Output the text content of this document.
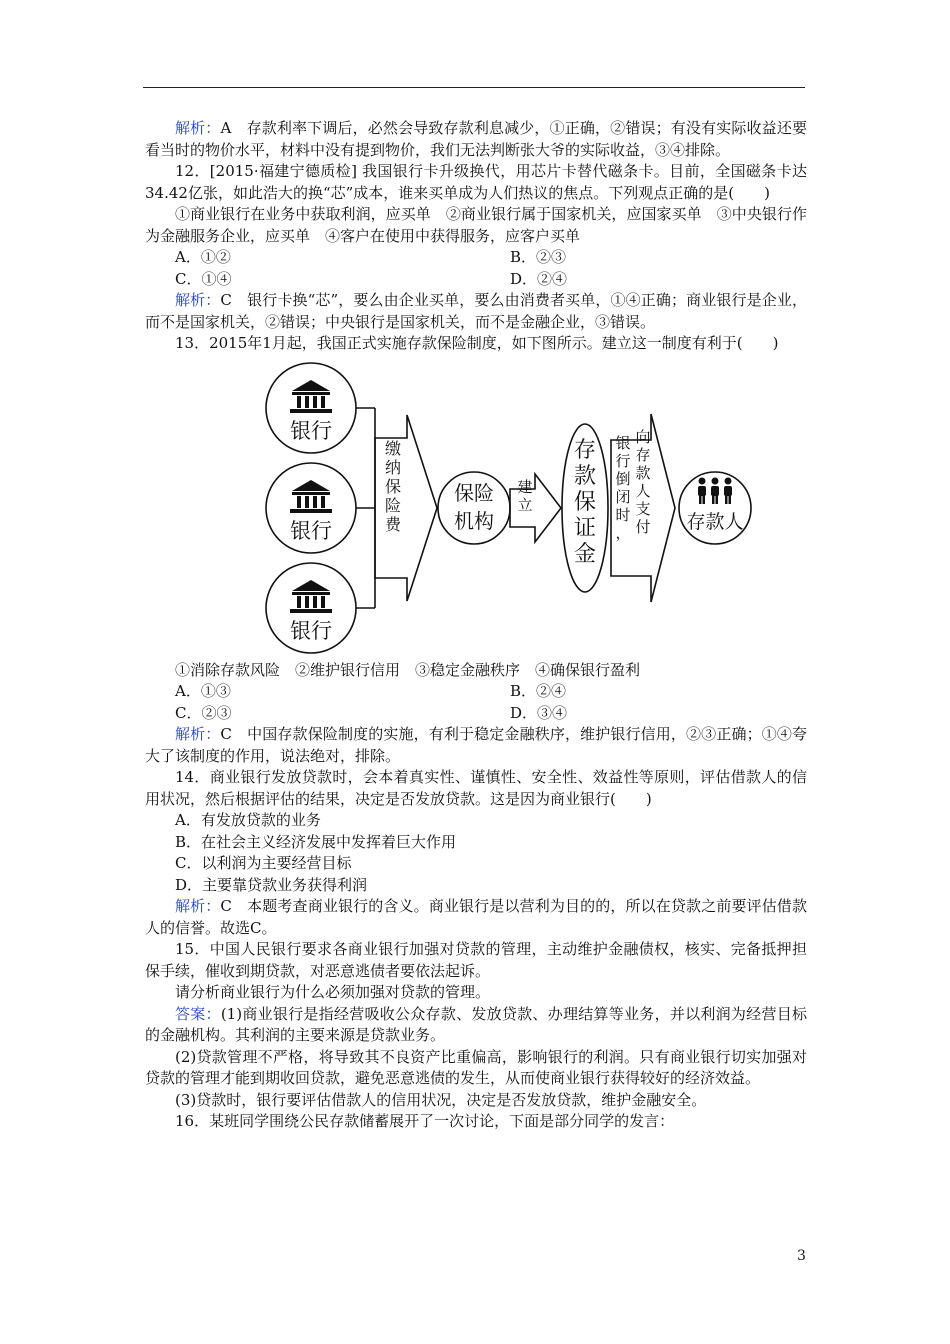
解析：A　存款利率下调后，必然会导致存款利息减少，①正确，②错误；有没有实际收益还要看当时的物价水平，材料中没有提到物价，我们无法判断张大爷的实际收益，③④排除。

12．[2015·福建宁德质检] 我国银行卡升级换代，用芯片卡替代磁条卡。目前，全国磁条卡达34.42亿张，如此浩大的换“芯”成本，谁来买单成为人们热议的焦点。下列观点正确的是(　　)

①商业银行在业务中获取利润，应买单　②商业银行属于国家机关，应国家买单　③中央银行作为金融服务企业，应买单　④客户在使用中获得服务，应客户买单

A．①②	B．②③
C．①④	D．②④

解析：C　银行卡换“芯”，要么由企业买单，要么由消费者买单，①④正确；商业银行是企业，而不是国家机关，②错误；中央银行是国家机关，而不是金融企业，③错误。

13．2015年1月起，我国正式实施存款保险制度，如下图所示。建立这一制度有利于(　　)

银行
银行
银行
保险
机构	存款人
缴纳保险费
建立
存款保证金
银行倒闭时，
向存款人支付

①消除存款风险　②维护银行信用　③稳定金融秩序　④确保银行盈利

A．①③	B．②④
C．②③	D．③④

解析：C　中国存款保险制度的实施，有利于稳定金融秩序，维护银行信用，②③正确；①④夸大了该制度的作用，说法绝对，排除。

14．商业银行发放贷款时，会本着真实性、谨慎性、安全性、效益性等原则，评估借款人的信用状况，然后根据评估的结果，决定是否发放贷款。这是因为商业银行(　　)

A．有发放贷款的业务

B．在社会主义经济发展中发挥着巨大作用

C．以利润为主要经营目标

D．主要靠贷款业务获得利润

解析：C　本题考查商业银行的含义。商业银行是以营利为目的的，所以在贷款之前要评估借款人的信誉。故选C。

15．中国人民银行要求各商业银行加强对贷款的管理，主动维护金融债权，核实、完备抵押担保手续，催收到期贷款，对恶意逃债者要依法起诉。

请分析商业银行为什么必须加强对贷款的管理。

答案：(1)商业银行是指经营吸收公众存款、发放贷款、办理结算等业务，并以利润为经营目标的金融机构。其利润的主要来源是贷款业务。

(2)贷款管理不严格，将导致其不良资产比重偏高，影响银行的利润。只有商业银行切实加强对贷款的管理才能到期收回贷款，避免恶意逃债的发生，从而使商业银行获得较好的经济效益。

(3)贷款时，银行要评估借款人的信用状况，决定是否发放贷款，维护金融安全。

16．某班同学围绕公民存款储蓄展开了一次讨论，下面是部分同学的发言：

3
